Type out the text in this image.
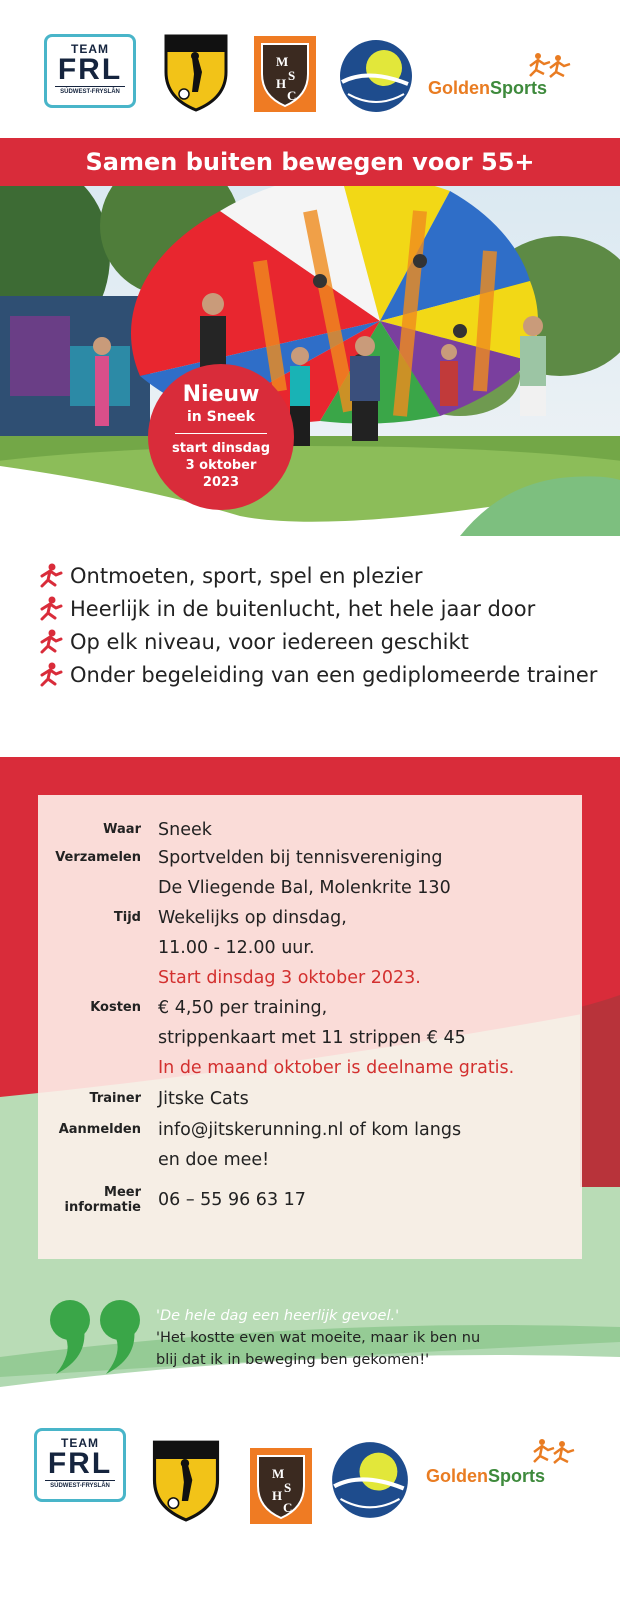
TEAM
FRL
SÚDWEST-FRYSLÂN
M
S
H
C	GoldenSports
Samen buiten bewegen voor 55+
Nieuw
in Sneek
start dinsdag
3 oktober
2023
Ontmoeten, sport, spel en plezier
Heerlijk in de buitenlucht, het hele jaar door
Op elk niveau, voor iedereen geschikt
Onder begeleiding van een gediplomeerde trainer
Waar Sneek
Verzamelen Sportvelden bij tennisvereniging
De Vliegende Bal, Molenkrite 130
Tijd Wekelijks op dinsdag,
11.00 - 12.00 uur.
Start dinsdag 3 oktober 2023.
Kosten € 4,50 per training,
strippenkaart met 11 strippen € 45
In de maand oktober is deelname gratis.
Trainer Jitske Cats
Aanmelden info@jitskerunning.nl of kom langs
en doe mee!
Meer
informatie 06 – 55 96 63 17
'De hele dag een heerlijk gevoel.'
'Het kostte even wat moeite, maar ik ben nu
blij dat ik in beweging ben gekomen!'
'Gezellig om met een groep te sporten.'
TEAM
FRL
SÚDWEST-FRYSLÂN
M
S
H
C
GoldenSports
